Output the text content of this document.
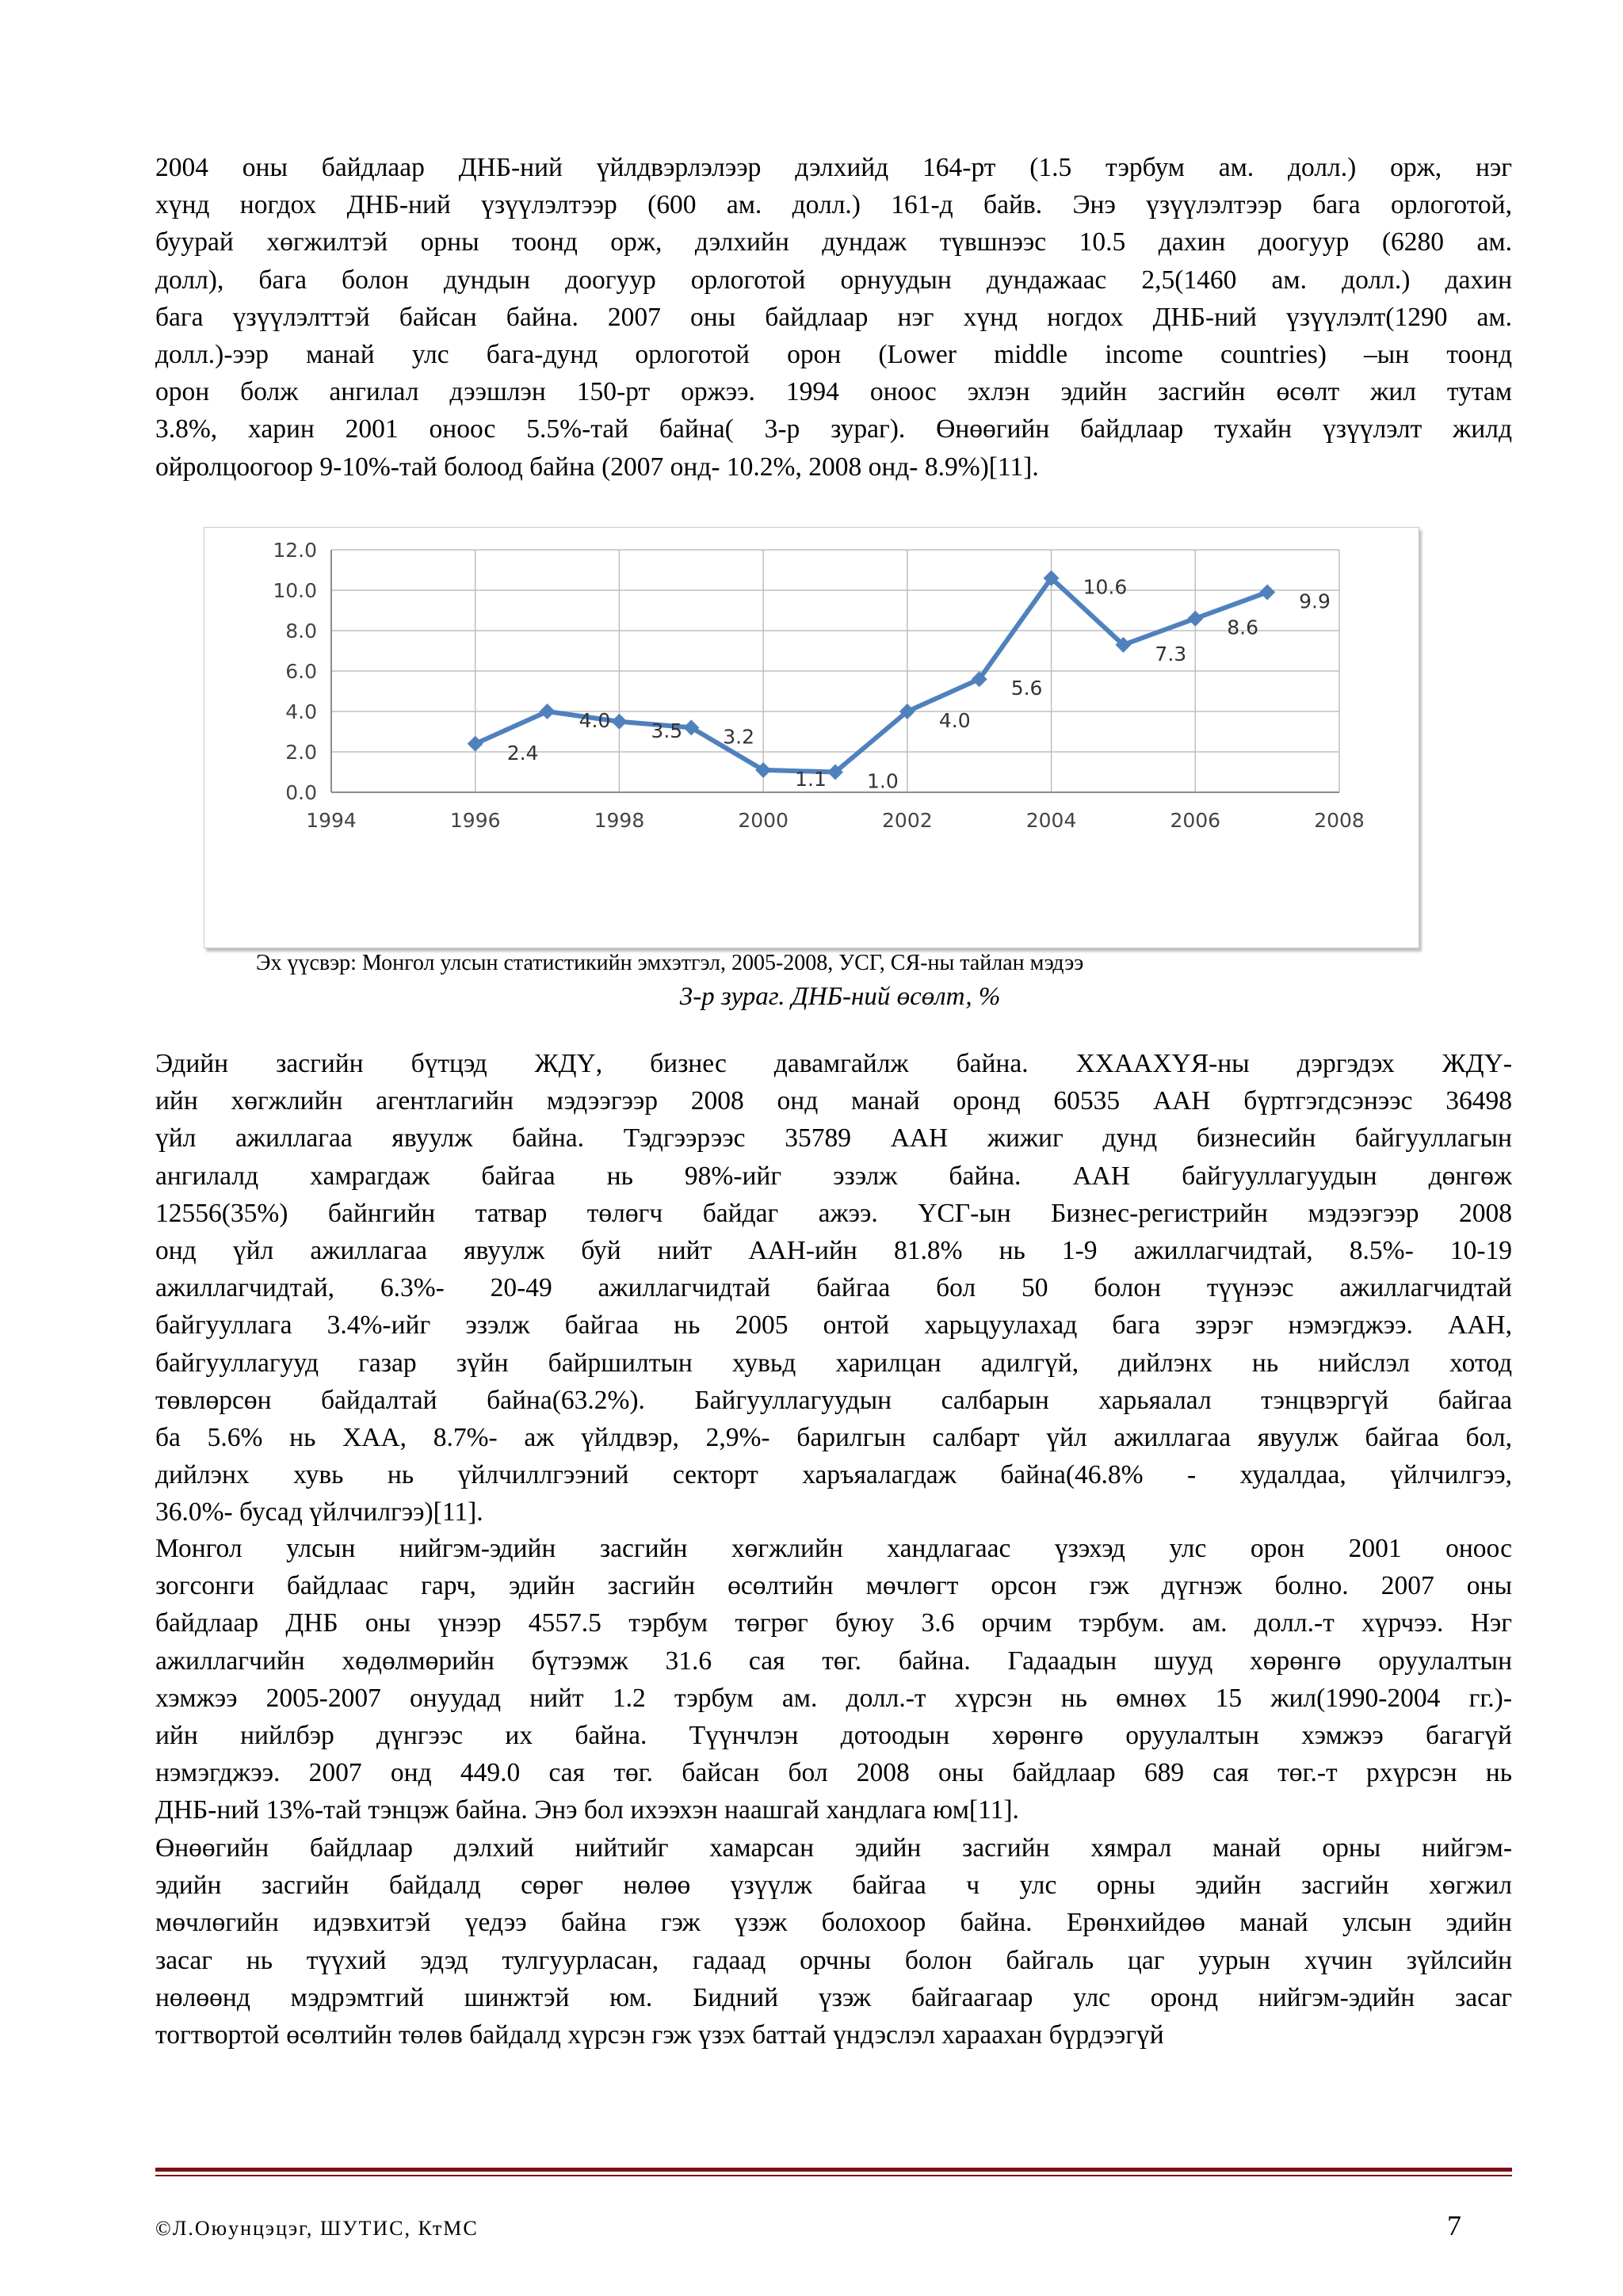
2004 оны байдлаар ДНБ-ний үйлдвэрлэлээр дэлхийд 164-рт (1.5 тэрбум ам. долл.) орж, нэг
хүнд ногдох ДНБ-ний үзүүлэлтээр (600 ам. долл.) 161-д байв. Энэ үзүүлэлтээр бага орлоготой,
буурай хөгжилтэй орны тоонд орж, дэлхийн дундаж түвшнээс 10.5 дахин доогуур (6280 ам.
долл), бага болон дундын доогуур орлоготой орнуудын дундажаас 2,5(1460 ам. долл.) дахин
бага үзүүлэлттэй байсан байна. 2007 оны байдлаар нэг хүнд ногдох ДНБ-ний үзүүлэлт(1290 ам.
долл.)-ээр манай улс бага-дунд орлоготой орон (Lower middle income countries) –ын тоонд
орон болж ангилал дээшлэн 150-рт оржээ. 1994 оноос эхлэн эдийн засгийн өсөлт жил тутам
3.8%, харин 2001 оноос 5.5%-тай байна( 3-р зураг). Өнөөгийн байдлаар тухайн үзүүлэлт жилд
ойролцоогоор 9-10%-тай болоод байна (2007 онд- 10.2%, 2008 онд- 8.9%)[11].
0.0
2.0
4.0
6.0
8.0
10.0
12.0
1994	1996	1998	2000	2002	2004	2006	2008
2.4
4.0 3.5 3.2
1.1 1.0
4.0
5.6
10.6
7.3
8.6
9.9

Эх үүсвэр: Монгол улсын статистикийн эмхэтгэл, 2005-2008, УСГ, СЯ-ны тайлан мэдээ

3-р зураг. ДНБ-ний өсөлт, %

Эдийн засгийн бүтцэд ЖДҮ, бизнес давамгайлж байна. ХХААХҮЯ-ны дэргэдэх ЖДҮ-
ийн хөгжлийн агентлагийн мэдээгээр 2008 онд манай оронд 60535 ААН бүртгэгдсэнээс 36498
үйл ажиллагаа явуулж байна. Тэдгээрээс 35789 ААН жижиг дунд бизнесийн байгууллагын
ангилалд хамрагдаж байгаа нь 98%-ийг эзэлж байна. ААН байгууллагуудын дөнгөж
12556(35%) байнгийн татвар төлөгч байдаг ажээ. ҮСГ-ын Бизнес-регистрийн мэдээгээр 2008
онд үйл ажиллагаа явуулж буй нийт ААН-ийн 81.8% нь 1-9 ажиллагчидтай, 8.5%- 10-19
ажиллагчидтай, 6.3%- 20-49 ажиллагчидтай байгаа бол 50 болон түүнээс ажиллагчидтай
байгууллага 3.4%-ийг эзэлж байгаа нь 2005 онтой харьцуулахад бага зэрэг нэмэгджээ. ААН,
байгууллагууд газар зүйн байршилтын хувьд харилцан адилгүй, дийлэнх нь нийслэл хотод
төвлөрсөн байдалтай байна(63.2%). Байгууллагуудын салбарын харьяалал тэнцвэргүй байгаа
ба 5.6% нь ХАА, 8.7%- аж үйлдвэр, 2,9%- барилгын салбарт үйл ажиллагаа явуулж байгаа бол,
дийлэнх хувь нь үйлчиллгээний секторт харъяалагдаж байна(46.8% - худалдаа, үйлчилгээ,
36.0%- бусад үйлчилгээ)[11].
Монгол улсын нийгэм-эдийн засгийн хөгжлийн хандлагаас үзэхэд улс орон 2001 оноос
зогсонги байдлаас гарч, эдийн засгийн өсөлтийн мөчлөгт орсон гэж дүгнэж болно. 2007 оны
байдлаар ДНБ оны үнээр 4557.5 тэрбум төгрөг буюу 3.6 орчим тэрбум. ам. долл.-т хүрчээ. Нэг
ажиллагчийн хөдөлмөрийн бүтээмж 31.6 сая төг. байна. Гадаадын шууд хөрөнгө оруулалтын
хэмжээ 2005-2007 онуудад нийт 1.2 тэрбум ам. долл.-т хүрсэн нь өмнөх 15 жил(1990-2004 гг.)-
ийн нийлбэр дүнгээс их байна. Түүнчлэн дотоодын хөрөнгө оруулалтын хэмжээ багагүй
нэмэгджээ. 2007 онд 449.0 сая төг. байсан бол 2008 оны байдлаар 689 сая төг.-т рхүрсэн нь
ДНБ-ний 13%-тай тэнцэж байна. Энэ бол ихээхэн наашгай хандлага юм[11].
Өнөөгийн байдлаар дэлхий нийтийг хамарсан эдийн засгийн хямрал манай орны нийгэм-
эдийн засгийн байдалд сөрөг нөлөө үзүүлж байгаа ч улс орны эдийн засгийн хөгжил
мөчлөгийн идэвхитэй үедээ байна гэж үзэж болохоор байна. Ерөнхийдөө манай улсын эдийн
засаг нь түүхий эдэд тулгуурласан, гадаад орчны болон байгаль цаг уурын хүчин зүйлсийн
нөлөөнд мэдрэмтгий шинжтэй юм. Бидний үзэж байгаагаар улс оронд нийгэм-эдийн засаг
тогтвортой өсөлтийн төлөв байдалд хүрсэн гэж үзэх баттай үндэслэл хараахан бүрдээгүй
©Л.Оюунцэцэг, ШУТИС, КтМС	7
